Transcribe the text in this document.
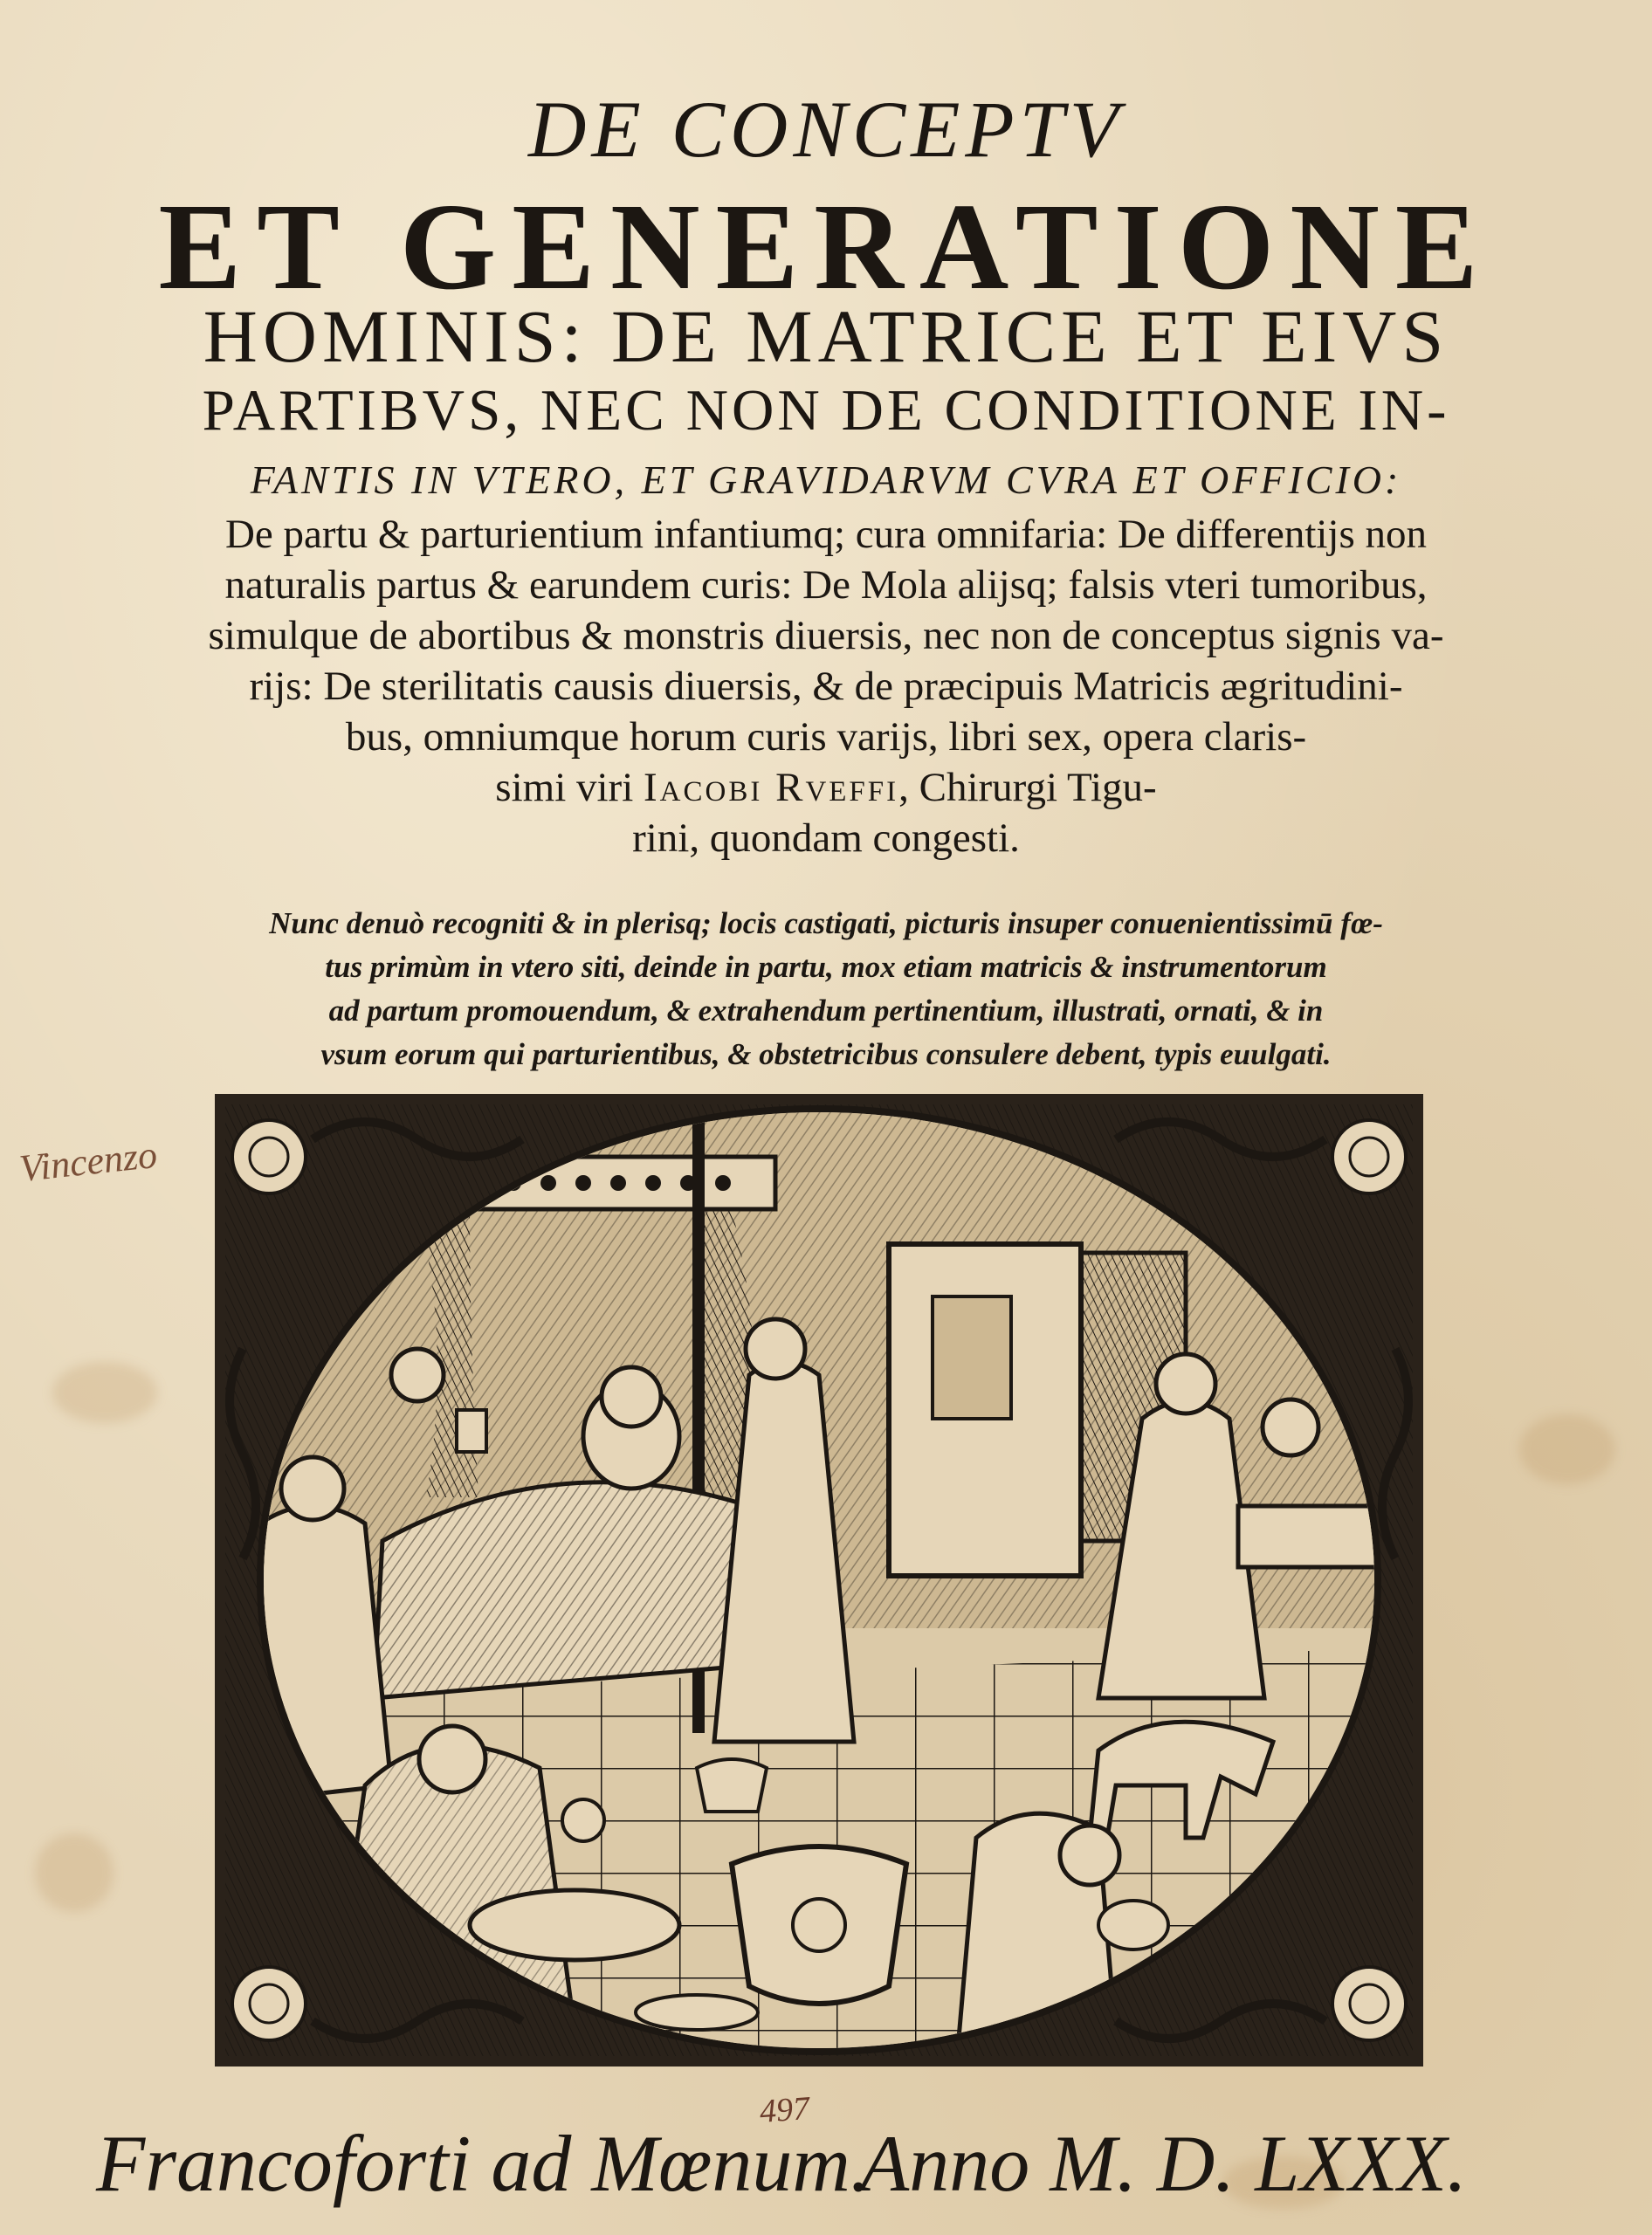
DE CONCEPTV
ET GENERATIONE
HOMINIS: DE MATRICE ET EIVS
PARTIBVS, NEC NON DE CONDITIONE IN-
FANTIS IN VTERO, ET GRAVIDARVM CVRA ET OFFICIO:
De partu & parturientium infantiumq; cura omnifaria: De differentijs non
naturalis partus & earundem curis: De Mola alijsq; falsis vteri tumoribus,
simulque de abortibus & monstris diuersis, nec non de conceptus signis va-
rijs: De sterilitatis causis diuersis, & de præcipuis Matricis ægritudini-
bus, omniumque horum curis varijs, libri sex, opera claris-
simi viri Iacobi Rveffi, Chirurgi Tigu-
rini, quondam congesti.
Nunc denuò recogniti & in plerisq; locis castigati, picturis insuper conuenientissimū fœ-
tus primùm in vtero siti, deinde in partu, mox etiam matricis & instrumentorum
ad partum promouendum, & extrahendum pertinentium, illustrati, ornati, & in
vsum eorum qui parturientibus, & obstetricibus consulere debent, typis euulgati.
Vincenzo
497
Francoforti ad Mœnum.
Anno M. D. LXXX.
